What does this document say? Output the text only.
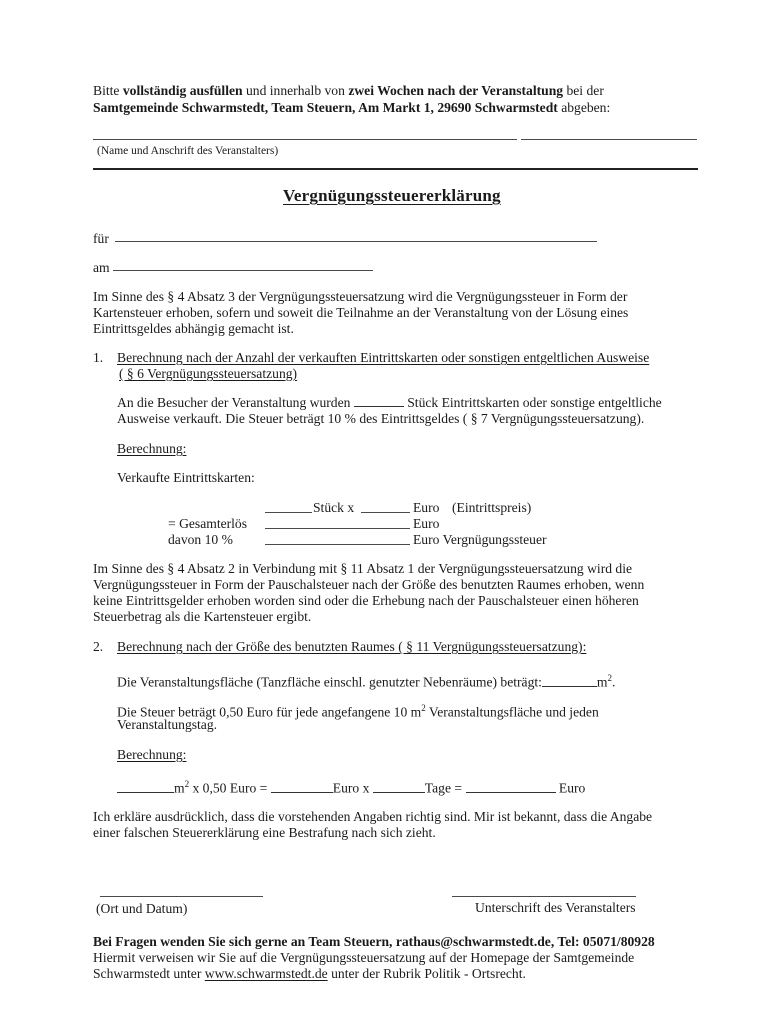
Bitte vollständig ausfüllen und innerhalb von zwei Wochen nach der Veranstaltung bei der
Samtgemeinde Schwarmstedt, Team Steuern, Am Markt 1, 29690 Schwarmstedt abgeben:
(Name und Anschrift des Veranstalters)
Vergnügungssteuererklärung
für
am
Im Sinne des § 4 Absatz 3 der Vergnügungssteuersatzung wird die Vergnügungssteuer in Form der
Kartensteuer erhoben, sofern und soweit die Teilnahme an der Veranstaltung von der Lösung eines
Eintrittsgeldes abhängig gemacht ist.
1. Berechnung nach der Anzahl der verkauften Eintrittskarten oder sonstigen entgeltlichen Ausweise
( § 6 Vergnügungssteuersatzung)
An die Besucher der Veranstaltung wurden	Stück Eintrittskarten oder sonstige entgeltliche
Ausweise verkauft. Die Steuer beträgt 10 % des Eintrittsgeldes ( § 7 Vergnügungssteuersatzung).
Berechnung:
Verkaufte Eintrittskarten:
Stück x	Euro (Eintrittspreis)
= Gesamterlös	Euro
davon 10 %	Euro Vergnügungssteuer
Im Sinne des § 4 Absatz 2 in Verbindung mit § 11 Absatz 1 der Vergnügungssteuersatzung wird die
Vergnügungssteuer in Form der Pauschalsteuer nach der Größe des benutzten Raumes erhoben, wenn
keine Eintrittsgelder erhoben worden sind oder die Erhebung nach der Pauschalsteuer einen höheren
Steuerbetrag als die Kartensteuer ergibt.
2. Berechnung nach der Größe des benutzten Raumes ( § 11 Vergnügungssteuersatzung):
Die Veranstaltungsfläche (Tanzfläche einschl. genutzter Nebenräume) beträgt:	$m^2$.
Die Steuer beträgt 0,50 Euro für jede angefangene 10 $m^2$ Veranstaltungsfläche und jeden
Veranstaltungstag.
Berechnung:
$m^2$ x 0,50 Euro =	Euro x	Tage =	Euro
Ich erkläre ausdrücklich, dass die vorstehenden Angaben richtig sind. Mir ist bekannt, dass die Angabe
einer falschen Steuererklärung eine Bestrafung nach sich zieht.
(Ort und Datum)	Unterschrift des Veranstalters
Bei Fragen wenden Sie sich gerne an Team Steuern, rathaus@schwarmstedt.de, Tel: 05071/80928
Hiermit verweisen wir Sie auf die Vergnügungssteuersatzung auf der Homepage der Samtgemeinde
Schwarmstedt unter www.schwarmstedt.de unter der Rubrik Politik - Ortsrecht.
